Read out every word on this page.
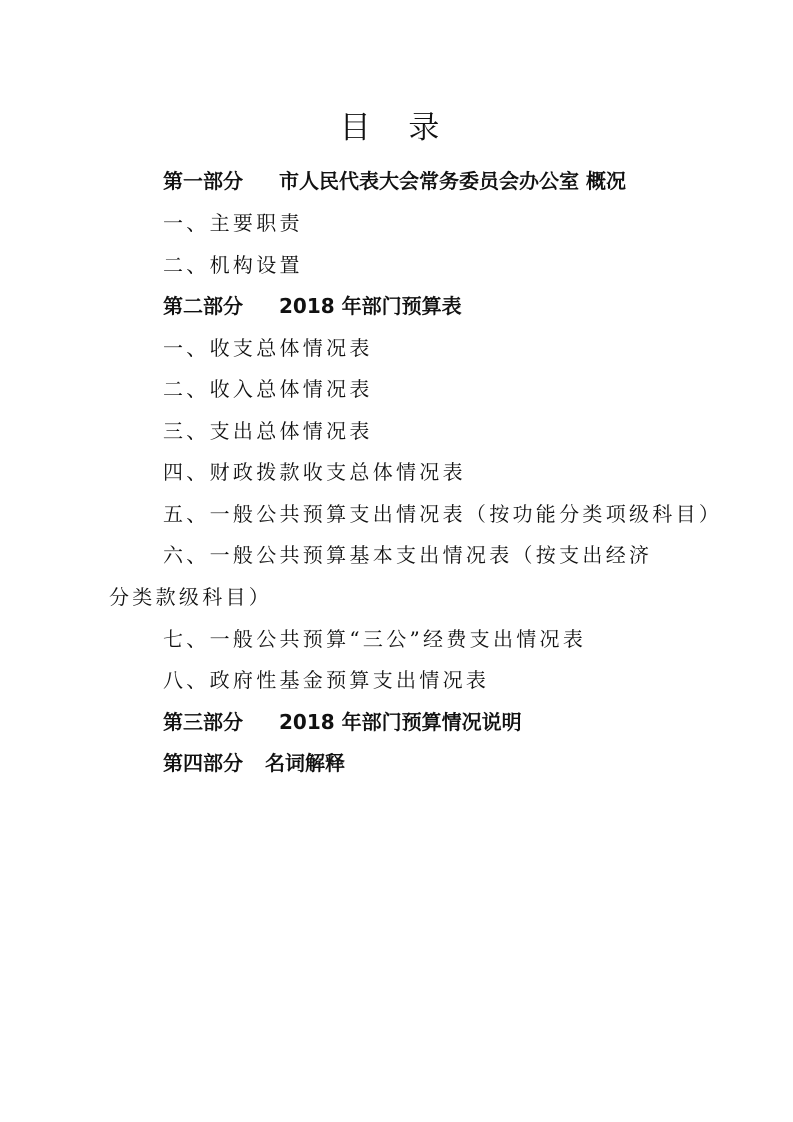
目 录
第一部分 市人民代表大会常务委员会办公室 概况
一、主要职责
二、机构设置
第二部分 2018 年部门预算表
一、收支总体情况表
二、收入总体情况表
三、支出总体情况表
四、财政拨款收支总体情况表
五、一般公共预算支出情况表（按功能分类项级科目）
六、一般公共预算基本支出情况表（按支出经济分类款级科目）
七、一般公共预算“三公”经费支出情况表
八、政府性基金预算支出情况表
第三部分 2018 年部门预算情况说明
第四部分 名词解释
